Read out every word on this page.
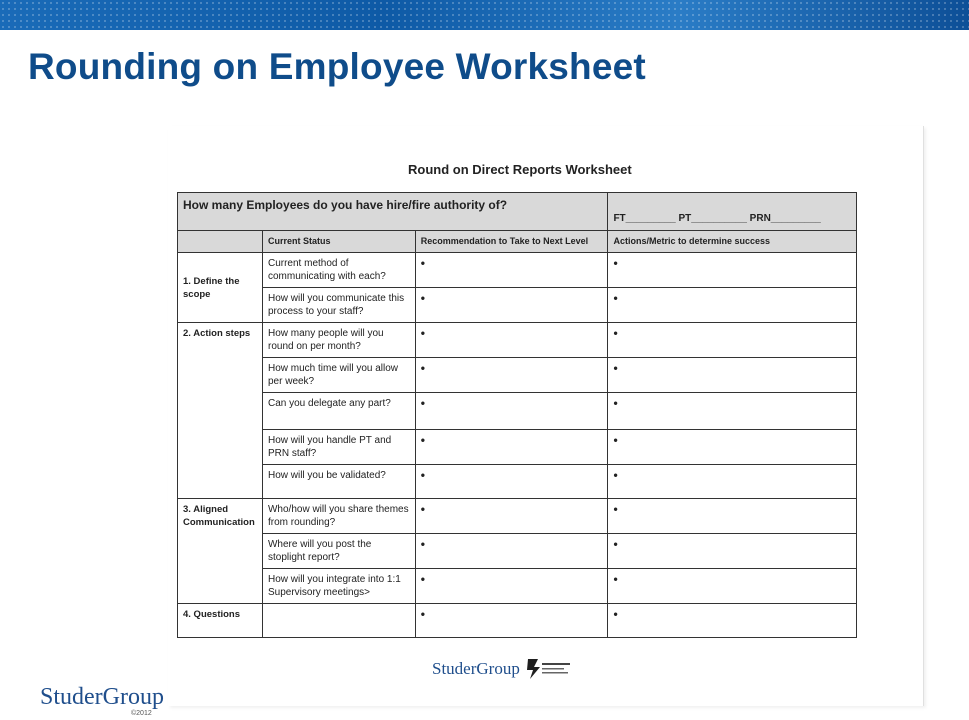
Rounding on Employee Worksheet
Round on Direct Reports Worksheet
How many Employees do you have hire/fire authority of?			FT_________ PT__________ PRN_________
	Current Status	Recommendation to Take to Next Level	Actions/Metric to determine success
1. Define the scope	Current method of communicating with each?	•	•
	How will you communicate this process to your staff?	•	•
2. Action steps	How many people will you round on per month?	•	•
	How much time will you allow per week?	•	•
	Can you delegate any part?	•	•
	How will you handle PT and PRN staff?	•	•
	How will you be validated?	•	•
3. Aligned Communication	Who/how will you share themes from rounding?	•	•
	Where will you post the stoplight report?	•	•
	How will you integrate into 1:1 Supervisory meetings>	•	•
4. Questions		•	•
StuderGroup
StuderGroup
©2012
